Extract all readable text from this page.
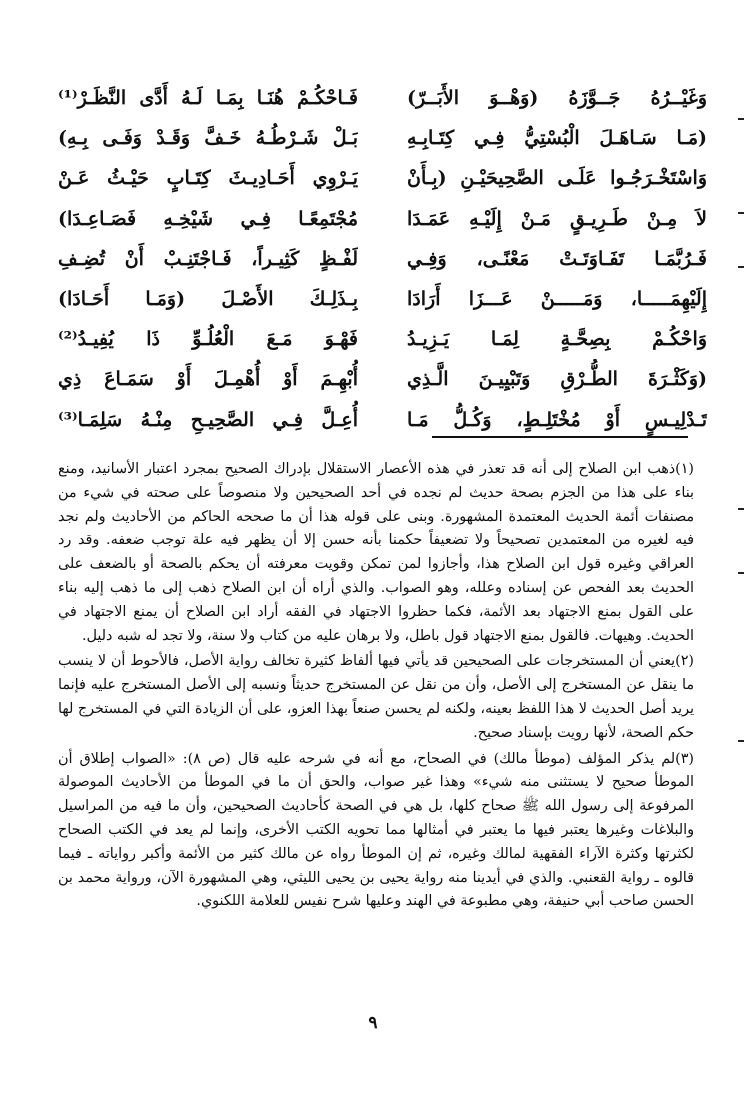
وَغَيْــرُهُ جَــوَّزَهُ (وَهْــوَ الأَبَــرّ)
(مَـا سَـاهَـلَ الْبُسْتِيُّ فِـي كِتَـابِـهِ
وَاسْتَخْـرَجُـوا عَلَـى الصَّحِيحَيْـنِ (بِـأَنْ
لاَ مِـنْ طَـرِيـقٍ مَـنْ إِلَيْـهِ عَمَـدَا
فَـرُبَّمَـا تَفَـاوَتَـتْ مَعْنًـى، وَفِـي
إِلَيْهِمَـــــا، وَمَـــــنْ عَـــزَا أَرَادَا
وَاحْكُـمْ بِصِحَّـةٍ لِمَـا يَـزِيـدُ
(وَكَثْـرَةَ الطُّـرْقِ وَتَبْيِيـنَ الَّـذِي
تَـدْلِيـسٍ أَوْ مُخْتَلِـطٍ، وَكُـلُّ مَـا
فَـاحْكُـمْ هُنَـا بِمَـا لَـهُ أَدَّى النَّظَـرْ⁽¹⁾
بَـلْ شَـرْطُـهُ خَـفَّ وَقَـدْ وَفَـى بِـهِ)
يَـرْوِي أَحَـادِيـثَ كِتَـابٍ حَيْـثُ عَـنْ
مُجْتَمِعًـا فِـي شَيْخِـهِ فَصَـاعِـدَا)
لَفْـظٍ كَثِيـراً، فَـاجْتَنِـبْ أَنْ تُضِـفِ
بِـذَلِـكَ الأَصْـلَ (وَمَـا أَحَـادَا)
فَهْـوَ مَـعَ الْعُلُـوِّ ذَا يُفِيـدُ⁽²⁾
أُبْهِـمَ أَوْ أُهْمِـلَ أَوْ سَمَـاعَ ذِي
أُعِـلَّ فِـي الصَّحِيـحِ مِنْـهُ سَلِمَـا⁽³⁾

(١)ذهب ابن الصلاح إلى أنه قد تعذر في هذه الأعصار الاستقلال بإدراك الصحيح بمجرد اعتبار الأسانيد، ومنع بناء على هذا من الجزم بصحة حديث لم نجده في أحد الصحيحين ولا منصوصاً على صحته في شيء من مصنفات أئمة الحديث المعتمدة المشهورة. وبنى على قوله هذا أن ما صححه الحاكم من الأحاديث ولم نجد فيه لغيره من المعتمدين تصحيحاً ولا تضعيفاً حكمنا بأنه حسن إلا أن يظهر فيه علة توجب ضعفه. وقد رد العراقي وغيره قول ابن الصلاح هذا، وأجازوا لمن تمكن وقويت معرفته أن يحكم بالصحة أو بالضعف على الحديث بعد الفحص عن إسناده وعلله، وهو الصواب. والذي أراه أن ابن الصلاح ذهب إلى ما ذهب إليه بناء على القول بمنع الاجتهاد بعد الأئمة، فكما حظروا الاجتهاد في الفقه أراد ابن الصلاح أن يمنع الاجتهاد في الحديث. وهيهات. فالقول بمنع الاجتهاد قول باطل، ولا برهان عليه من كتاب ولا سنة، ولا تجد له شبه دليل.

(٢)يعني أن المستخرجات على الصحيحين قد يأتي فيها ألفاظ كثيرة تخالف رواية الأصل، فالأحوط أن لا ينسب ما ينقل عن المستخرج إلى الأصل، وأن من نقل عن المستخرج حديثاً ونسبه إلى الأصل المستخرج عليه فإنما يريد أصل الحديث لا هذا اللفظ بعينه، ولكنه لم يحسن صنعاً بهذا العزو، على أن الزيادة التي في المستخرج لها حكم الصحة، لأنها رويت بإسناد صحيح.

(٣)لم يذكر المؤلف (موطأ مالك) في الصحاح، مع أنه في شرحه عليه قال (ص ٨): «الصواب إطلاق أن الموطأ صحيح لا يستثنى منه شيء» وهذا غير صواب، والحق أن ما في الموطأ من الأحاديث الموصولة المرفوعة إلى رسول الله ﷺ صحاح كلها، بل هي في الصحة كأحاديث الصحيحين، وأن ما فيه من المراسيل والبلاغات وغيرها يعتبر فيها ما يعتبر في أمثالها مما تحويه الكتب الأخرى، وإنما لم يعد في الكتب الصحاح لكثرتها وكثرة الآراء الفقهية لمالك وغيره، ثم إن الموطأ رواه عن مالك كثير من الأئمة وأكبر رواياته ـ فيما قالوه ـ رواية القعنبي. والذي في أيدينا منه رواية يحيى بن يحيى الليثي، وهي المشهورة الآن، ورواية محمد بن الحسن صاحب أبي حنيفة، وهي مطبوعة في الهند وعليها شرح نفيس للعلامة اللكنوي.

٩
